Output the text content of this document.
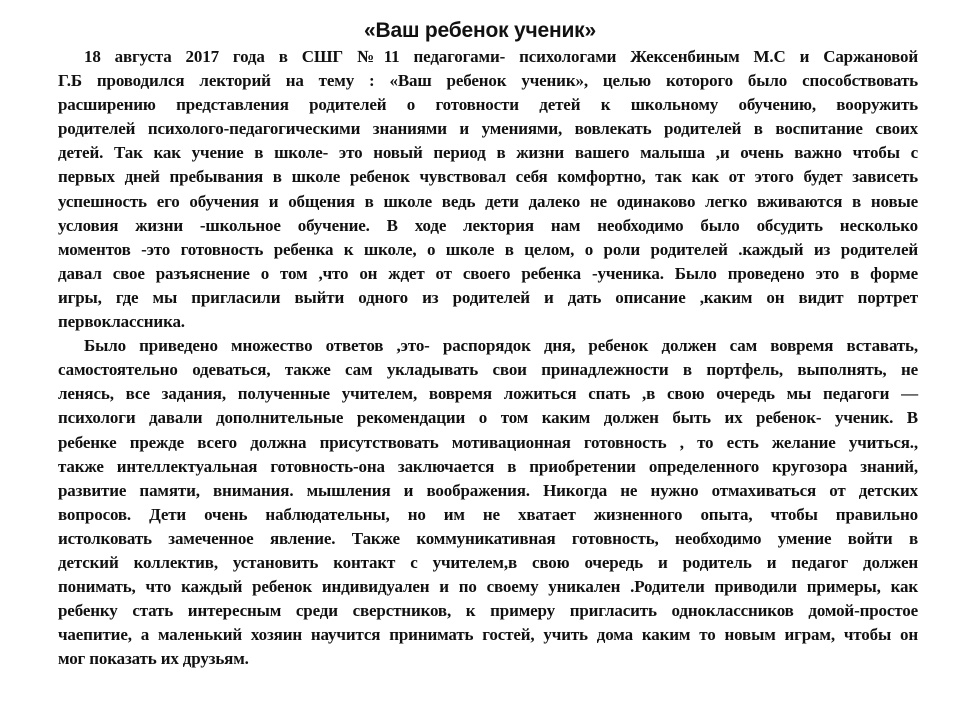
«Ваш ребенок ученик»
18 августа 2017 года в СШГ №11 педагогами- психологами Жексенбиным М.С и Саржановой
Г.Б проводился лекторий на тему : «Ваш ребенок ученик», целью которого было способствовать
расширению представления родителей о готовности детей к школьному обучению, вооружить
родителей психолого-педагогическими знаниями и умениями, вовлекать родителей в воспитание своих
детей. Так как учение в школе- это новый период в жизни вашего малыша ,и очень важно чтобы с
первых дней пребывания в школе ребенок чувствовал себя комфортно, так как от этого будет зависеть
успешность его обучения и общения в школе ведь дети далеко не одинаково легко вживаются в новые
условия жизни -школьное обучение. В ходе лектория нам необходимо было обсудить несколько
моментов -это готовность ребенка к школе, о школе в целом, о роли родителей .каждый из родителей
давал свое разъяснение о том ,что он ждет от своего ребенка -ученика. Было проведено это в форме
игры, где мы пригласили выйти одного из родителей и дать описание ,каким он видит портрет
первоклассника.
Было приведено множество ответов ,это- распорядок дня, ребенок должен сам вовремя вставать,
самостоятельно одеваться, также сам укладывать свои принадлежности в портфель, выполнять, не
ленясь, все задания, полученные учителем, вовремя ложиться спать ,в свою очередь мы педагоги —
психологи давали дополнительные рекомендации о том каким должен быть их ребенок- ученик. В
ребенке прежде всего должна присутствовать мотивационная готовность , то есть желание учиться.,
также интеллектуальная готовность-она заключается в приобретении определенного кругозора знаний,
развитие памяти, внимания. мышления и воображения. Никогда не нужно отмахиваться от детских
вопросов. Дети очень наблюдательны, но им не хватает жизненного опыта, чтобы правильно
истолковать замеченное явление. Также коммуникативная готовность, необходимо умение войти в
детский коллектив, установить контакт с учителем,в свою очередь и родитель и педагог должен
понимать, что каждый ребенок индивидуален и по своему уникален .Родители приводили примеры, как
ребенку стать интересным среди сверстников, к примеру пригласить одноклассников домой-простое
чаепитие, а маленький хозяин научится принимать гостей, учить дома каким то новым играм, чтобы он
мог показать их друзьям.
